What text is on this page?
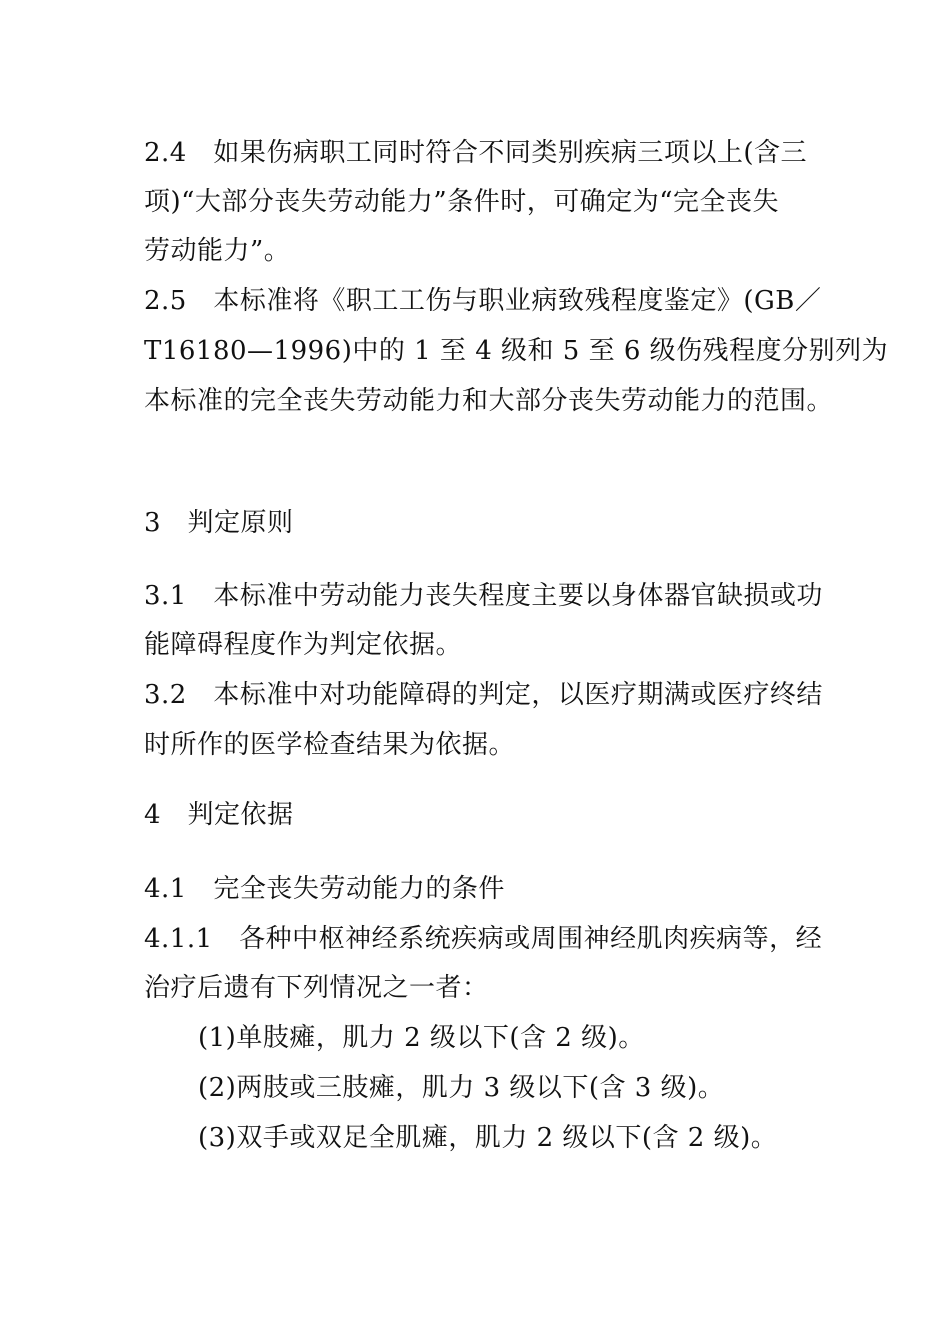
2.4　如果伤病职工同时符合不同类别疾病三项以上(含三
项)“大部分丧失劳动能力”条件时，可确定为“完全丧失
劳动能力”。
2.5　本标准将《职工工伤与职业病致残程度鉴定》(GB／
T16180—1996)中的 1 至 4 级和 5 至 6 级伤残程度分别列为
本标准的完全丧失劳动能力和大部分丧失劳动能力的范围。
3　判定原则
3.1　本标准中劳动能力丧失程度主要以身体器官缺损或功
能障碍程度作为判定依据。
3.2　本标准中对功能障碍的判定，以医疗期满或医疗终结
时所作的医学检查结果为依据。
4　判定依据
4.1　完全丧失劳动能力的条件
4.1.1　各种中枢神经系统疾病或周围神经肌肉疾病等，经
治疗后遗有下列情况之一者：
(1)单肢瘫，肌力 2 级以下(含 2 级)。
(2)两肢或三肢瘫，肌力 3 级以下(含 3 级)。
(3)双手或双足全肌瘫，肌力 2 级以下(含 2 级)。
